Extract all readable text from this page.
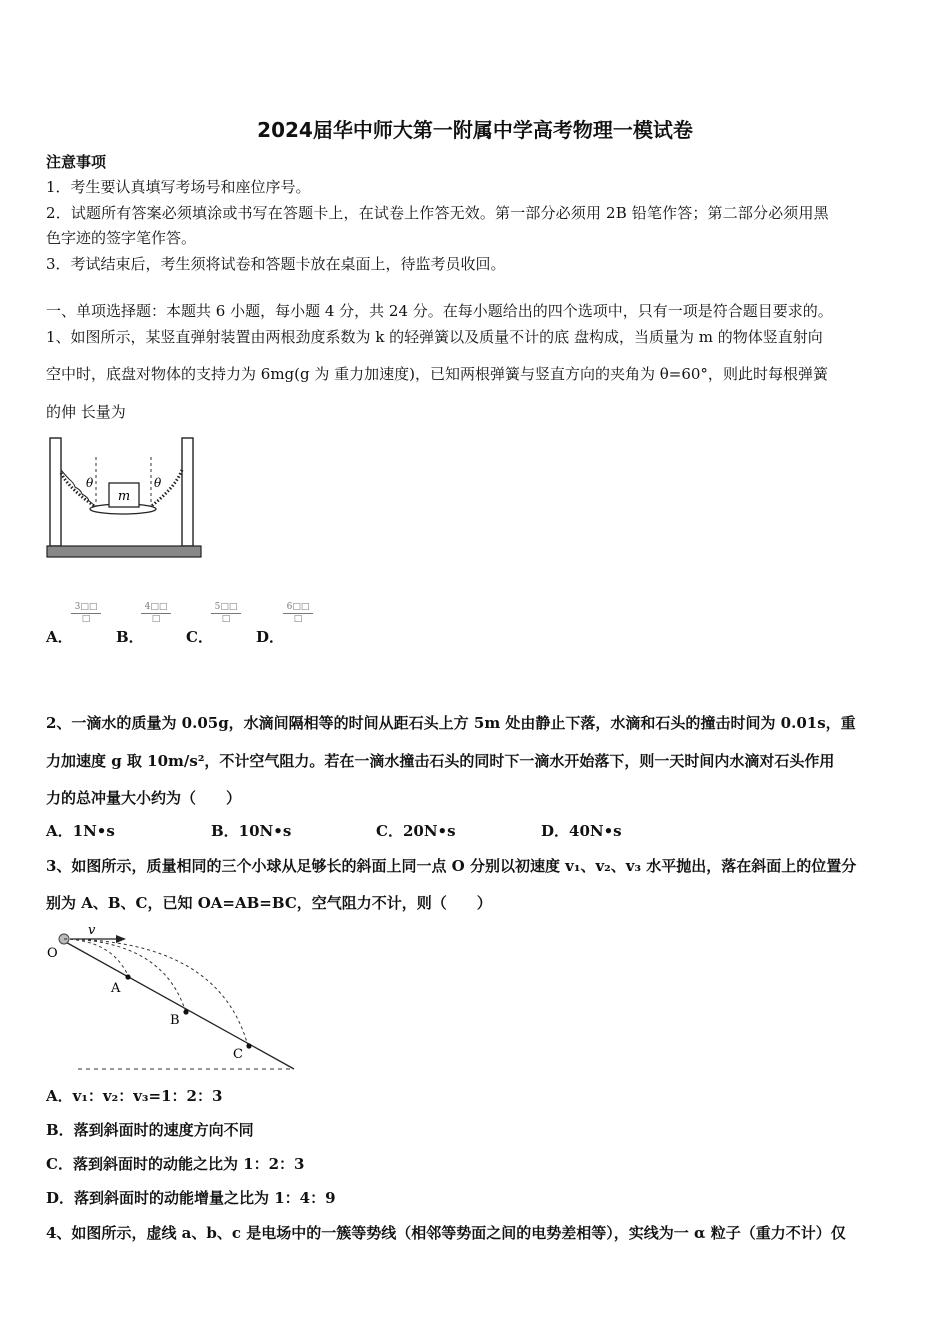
2024届华中师大第一附属中学高考物理一模试卷
注意事项
1．考生要认真填写考场号和座位序号。
2．试题所有答案必须填涂或书写在答题卡上，在试卷上作答无效。第一部分必须用 2B 铅笔作答；第二部分必须用黑
色字迹的签字笔作答。
3．考试结束后，考生须将试卷和答题卡放在桌面上，待监考员收回。
一、单项选择题：本题共 6 小题，每小题 4 分，共 24 分。在每小题给出的四个选项中，只有一项是符合题目要求的。
1、如图所示，某竖直弹射装置由两根劲度系数为 k 的轻弹簧以及质量不计的底 盘构成，当质量为 m 的物体竖直射向
空中时，底盘对物体的支持力为 6mg(g 为 重力加速度)，已知两根弹簧与竖直方向的夹角为 θ=60°，则此时每根弹簧
的伸 长量为
m
θ	θ
A．
3□□
□
B．
4□□
□
C．
5□□
□
D．
6□□
□
2、一滴水的质量为 0.05g，水滴间隔相等的时间从距石头上方 5m 处由静止下落，水滴和石头的撞击时间为 0.01s，重
力加速度 g 取 10m/s²，不计空气阻力。若在一滴水撞击石头的同时下一滴水开始落下，则一天时间内水滴对石头作用
力的总冲量大小约为（　　）
A．1N•s	B．10N•s	C．20N•s	D．40N•s
3、如图所示，质量相同的三个小球从足够长的斜面上同一点 O 分别以初速度 v₁、v₂、v₃ 水平抛出，落在斜面上的位置分
别为 A、B、C，已知 OA=AB=BC，空气阻力不计，则（　　）
v
O
A
B
C
A．v₁：v₂：v₃=1：2：3
B．落到斜面时的速度方向不同
C．落到斜面时的动能之比为 1：2：3
D．落到斜面时的动能增量之比为 1：4：9
4、如图所示，虚线 a、b、c 是电场中的一簇等势线（相邻等势面之间的电势差相等），实线为一 α 粒子（重力不计）仅
